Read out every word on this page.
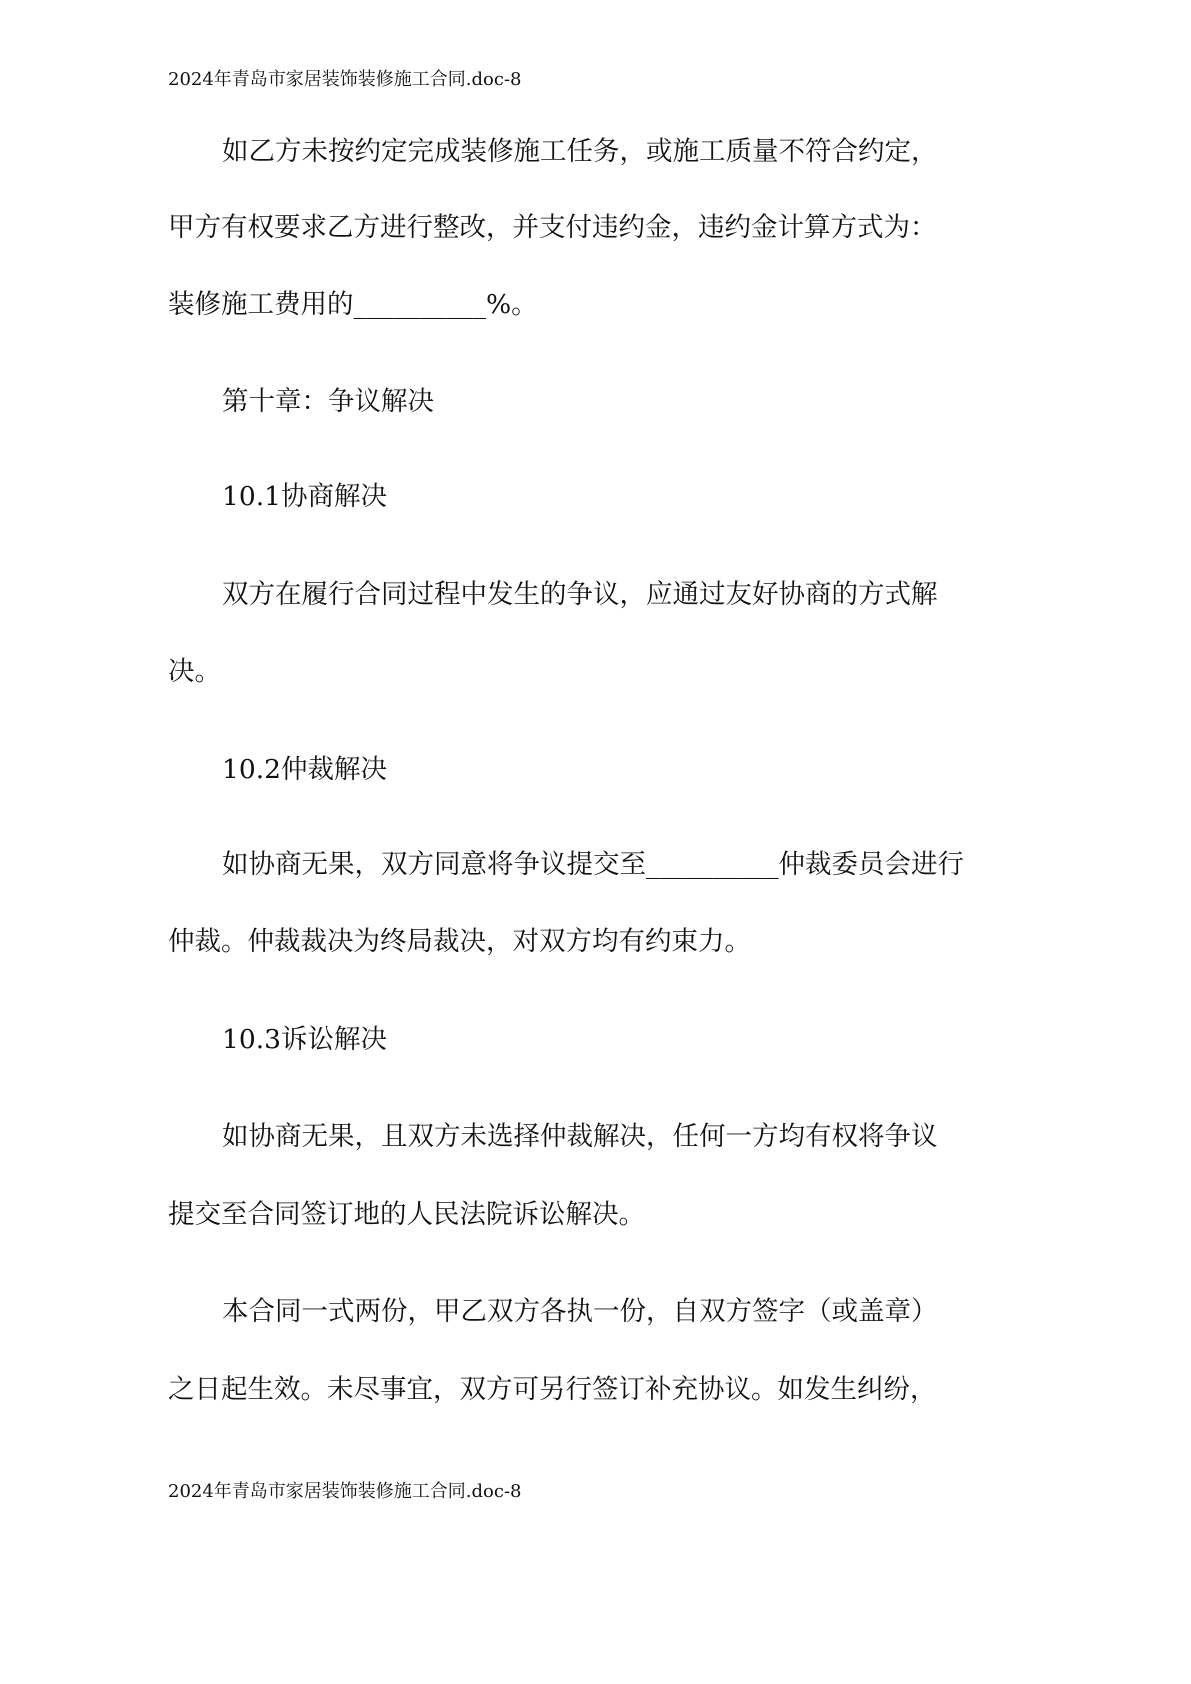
2024年青岛市家居装饰装修施工合同.doc-8
如乙方未按约定完成装修施工任务，或施工质量不符合约定，
甲方有权要求乙方进行整改，并支付违约金，违约金计算方式为：
装修施工费用的__________%。
第十章：争议解决
10.1协商解决
双方在履行合同过程中发生的争议，应通过友好协商的方式解
决。
10.2仲裁解决
如协商无果，双方同意将争议提交至__________仲裁委员会进行
仲裁。仲裁裁决为终局裁决，对双方均有约束力。
10.3诉讼解决
如协商无果，且双方未选择仲裁解决，任何一方均有权将争议
提交至合同签订地的人民法院诉讼解决。
本合同一式两份，甲乙双方各执一份，自双方签字（或盖章）
之日起生效。未尽事宜，双方可另行签订补充协议。如发生纠纷，
2024年青岛市家居装饰装修施工合同.doc-8
